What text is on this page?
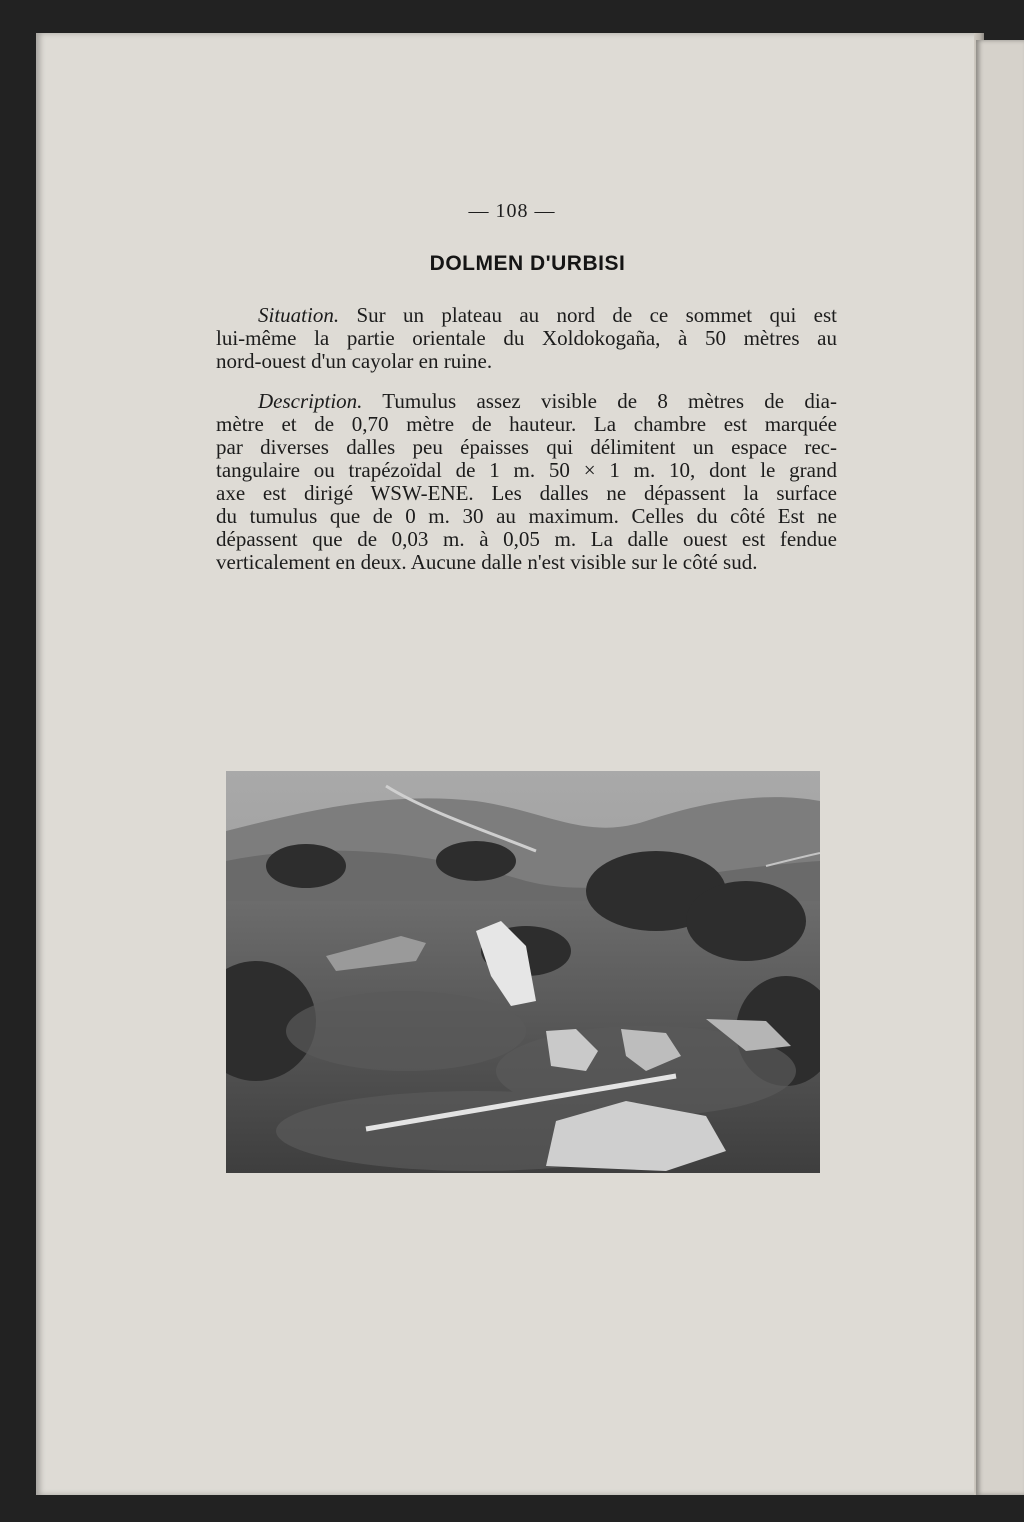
— 108 —
DOLMEN D'URBISI

Situation. Sur un plateau au nord de ce sommet qui est
lui-même la partie orientale du Xoldokogaña, à 50 mètres au
nord-ouest d'un cayolar en ruine.

Description. Tumulus assez visible de 8 mètres de dia-
mètre et de 0,70 mètre de hauteur. La chambre est marquée
par diverses dalles peu épaisses qui délimitent un espace rec-
tangulaire ou trapézoïdal de 1 m. 50 × 1 m. 10, dont le grand
axe est dirigé WSW-ENE. Les dalles ne dépassent la surface
du tumulus que de 0 m. 30 au maximum. Celles du côté Est ne
dépassent que de 0,03 m. à 0,05 m. La dalle ouest est fendue
verticalement en deux. Aucune dalle n'est visible sur le côté sud.
